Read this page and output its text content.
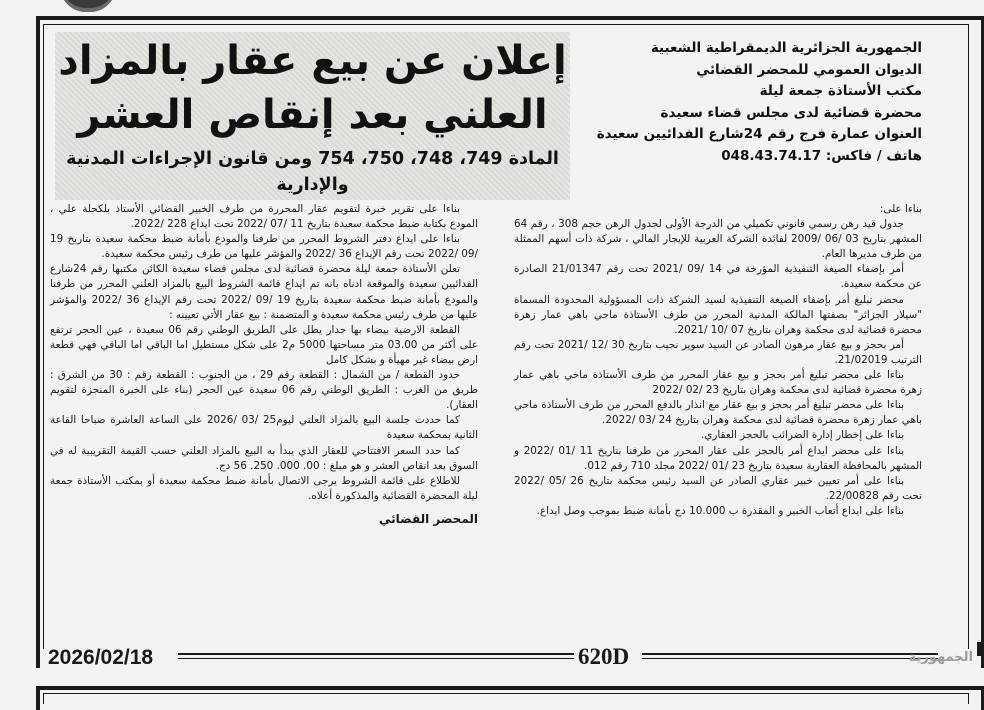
إعلان عن بيع عقار بالمزاد
العلني بعد إنقاص العشر
المادة 749، 748، 750، 754 ومن قانون الإجراءات المدنية والإدارية
الجمهورية الجزائرية الديمقراطية الشعبية
الديوان العمومي للمحضر القضائي
مكتب الأستاذة جمعة ليلة
محضرة قضائية لدى مجلس قضاء سعيدة
العنوان عمارة فرج رقم 24شارع الفدائيين سعيدة
هاتف / فاكس: 048.43.74.17

بناءا على:

جدول قيد رهن رسمي قانوني تكميلي من الدرجة الأولى لجدول الرهن حجم 308 ، رقم 64 المشهر بتاريخ 03 /06 /2009 لفائدة الشركة العربية للإيجار المالي ، شركة ذات أسهم الممثلة من طرف مديرها العام.

أمر بإضفاء الصيغة التنفيذية المؤرخة في 14 /09 /2021 تحت رقم 21/01347 الصادرة عن محكمة سعيدة.

محضر تبليغ أمر بإضفاء الصيغة التنفيذية لسيد الشركة ذات المسؤولية المحدودة المسماة "سيلار الجزائر" بصفتها المالكة المدنية المحرر من طرف الأستاذة ماحي باهي عمار زهرة محضرة قضائية لدى محكمة وهران بتاريخ 07 /10 /2021.

أمر بحجز و بيع عقار مرهون الصادر عن السيد سوير نجيب بتاريخ 30 /12 /2021 تحت رقم الترتيب 21/02019.

بناءا على محضر تبليغ أمر بحجز و بيع عقار المحرر من طرف الأستاذة ماحي باهي عمار زهرة محضرة قضائية لدى محكمة وهران بتاريخ 23 /02 /2022

بناءا على محضر تبليغ أمر بحجز و بيع عقار مع انذار بالدفع المحرر من طرف الأستاذة ماحي باهي عمار زهرة محضرة قضائية لدى محكمة وهران بتاريخ 24 /03 /2022.

بناءا على إخطار إدارة الضرائب بالحجز العقاري.

بناءا على محضر ايداع أمر بالحجز على عقار المحرر من طرفنا بتاريخ 11 /01 /2022 و المشهر بالمحافظة العقارية سعيدة بتاريخ 23 /01 /2022 مجلد 710 رقم 012.

بناءا على أمر تعيين خبير عقاري الصادر عن السيد رئيس محكمة بتاريخ 26 /05 /2022 تحت رقم 22/00828.

بناءا على ايداع أتعاب الخبير و المقدرة ب 10.000 دج بأمانة ضبط بموجب وصل ايداع.

بناءا على تقرير خبرة لتقويم عقار المحررة من طرف الخبير القضائي الأستاذ بلكحلة علي ، المودع بكتابة ضبط محكمة سعيدة بتاريخ 11 /07 /2022 تحت ايداع 228 /2022.

بناءا على ايداع دفتر الشروط المحرر من طرفنا والمودع بأمانة ضبط محكمة سعيدة بتاريخ 19 /09 /2022 تحت رقم الإيداع 36 /2022 والمؤشر عليها من طرف رئيس محكمة سعيدة.

تعلن الأستاذة جمعة ليلة محضرة قضائية لدى مجلس قضاء سعيدة الكائن مكتبها رقم 24شارع الفدائيين سعيدة والموقعة ادناه بانه تم ايداع قائمة الشروط البيع بالمزاد العلني المحرر من طرفنا والمودع بأمانة ضبط محكمة سعيدة بتاريخ 19 /09 /2022 تحت رقم الإيداع 36 /2022 والمؤشر عليها من طرف رئيس محكمة سعيدة و المتضمنة : بيع عقار الأتي تعيينه :

القطعة الارضية بيضاء بها جدار يطل على الطريق الوطني رقم 06 سعيدة ، عين الحجر ترتفع على أكثر من 03.00 متر مساحتها 5000 م2 على شكل مستطيل اما الباقي اما الباقي فهي قطعة ارض بيضاء غير مهيأة و بشكل كامل

حدود القطعة / من الشمال : القطعة رقم 29 ، من الجنوب : القطعة رقم : 30 من الشرق : طريق من الغرب : الطريق الوطني رقم 06 سعيدة عين الحجر (بناء على الخبرة المنجزة لتقويم العقار).

كما حددت جلسة البيع بالمزاد العلني ليوم25 /03 /2026 على الساعة العاشرة صباحا القاعة الثانية بمحكمة سعيدة

كما حدد السعر الافتتاحي للعقار الذي يبدأ به البيع بالمزاد العلني حسب القيمة التقريبية له في السوق بعد انقاص العشر و هو مبلغ : 00. 000. 250. 56 دج.

للاطلاع على قائمة الشروط يرجى الاتصال بأمانة ضبط محكمة سعيدة أو بمكتب الأستاذة جمعة ليلة المحضرة القضائية والمذكورة أعلاه.

المحضر القضائي

2026/02/18	620D	الجمهورية
